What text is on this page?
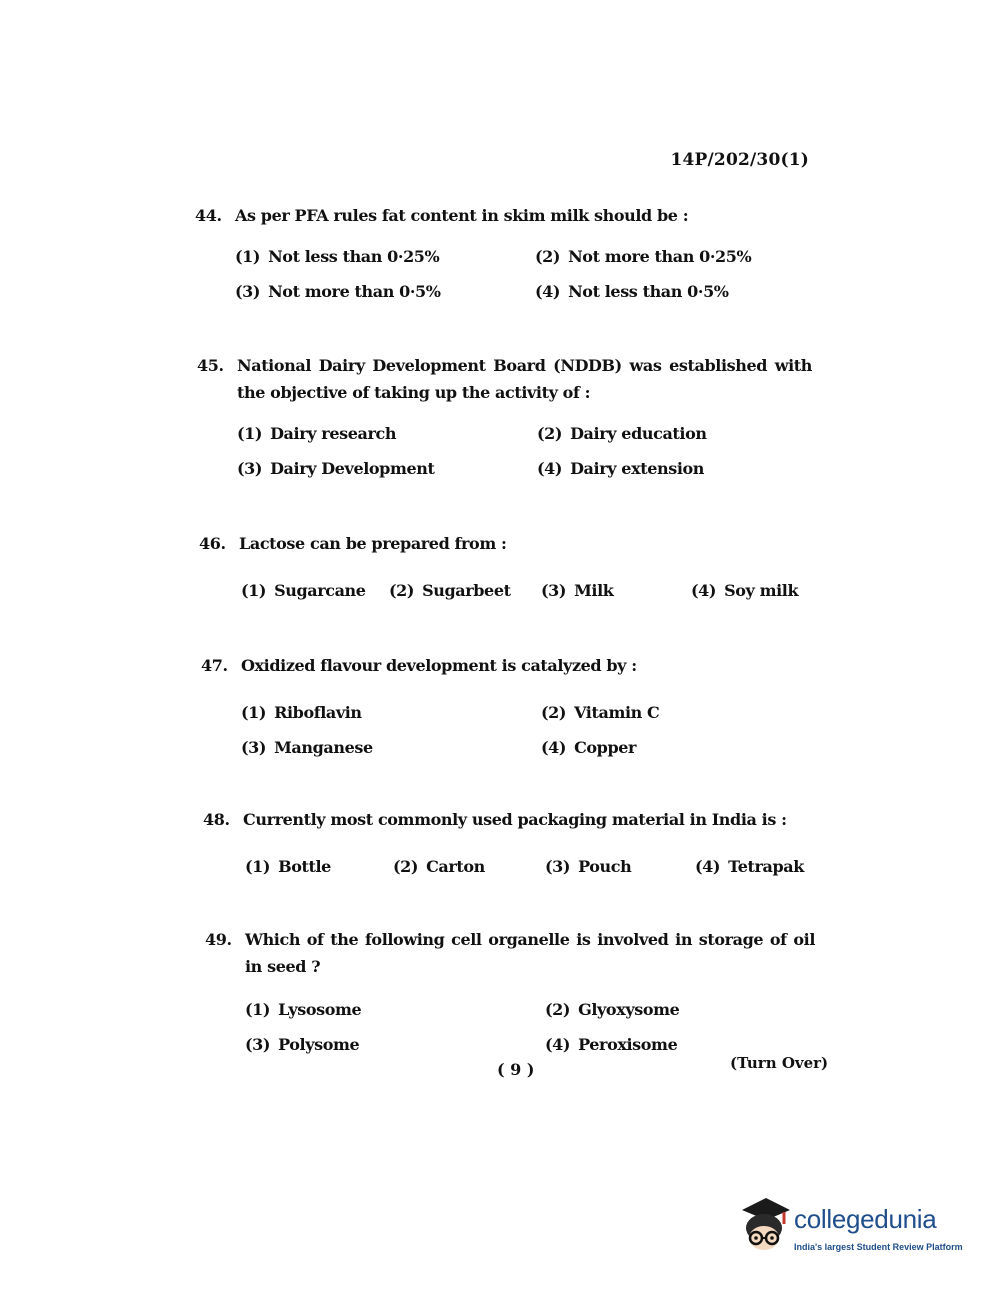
14P/202/30(1)
44. As per PFA rules fat content in skim milk should be :
(1) Not less than 0·25%	(2) Not more than 0·25%
(3) Not more than 0·5%	(4) Not less than 0·5%
45. National Dairy Development Board (NDDB) was established with the objective of taking up the activity of :
(1) Dairy research	(2) Dairy education
(3) Dairy Development	(4) Dairy extension
46. Lactose can be prepared from :
(1) Sugarcane	(2) Sugarbeet	(3) Milk	(4) Soy milk
47. Oxidized flavour development is catalyzed by :
(1) Riboflavin	(2) Vitamin C
(3) Manganese	(4) Copper
48. Currently most commonly used packaging material in India is :
(1) Bottle	(2) Carton	(3) Pouch	(4) Tetrapak
49. Which of the following cell organelle is involved in storage of oil in seed ?
(1) Lysosome	(2) Glyoxysome
(3) Polysome	(4) Peroxisome
( 9 )	(Turn Over)
collegedunia
India's largest Student Review Platform
